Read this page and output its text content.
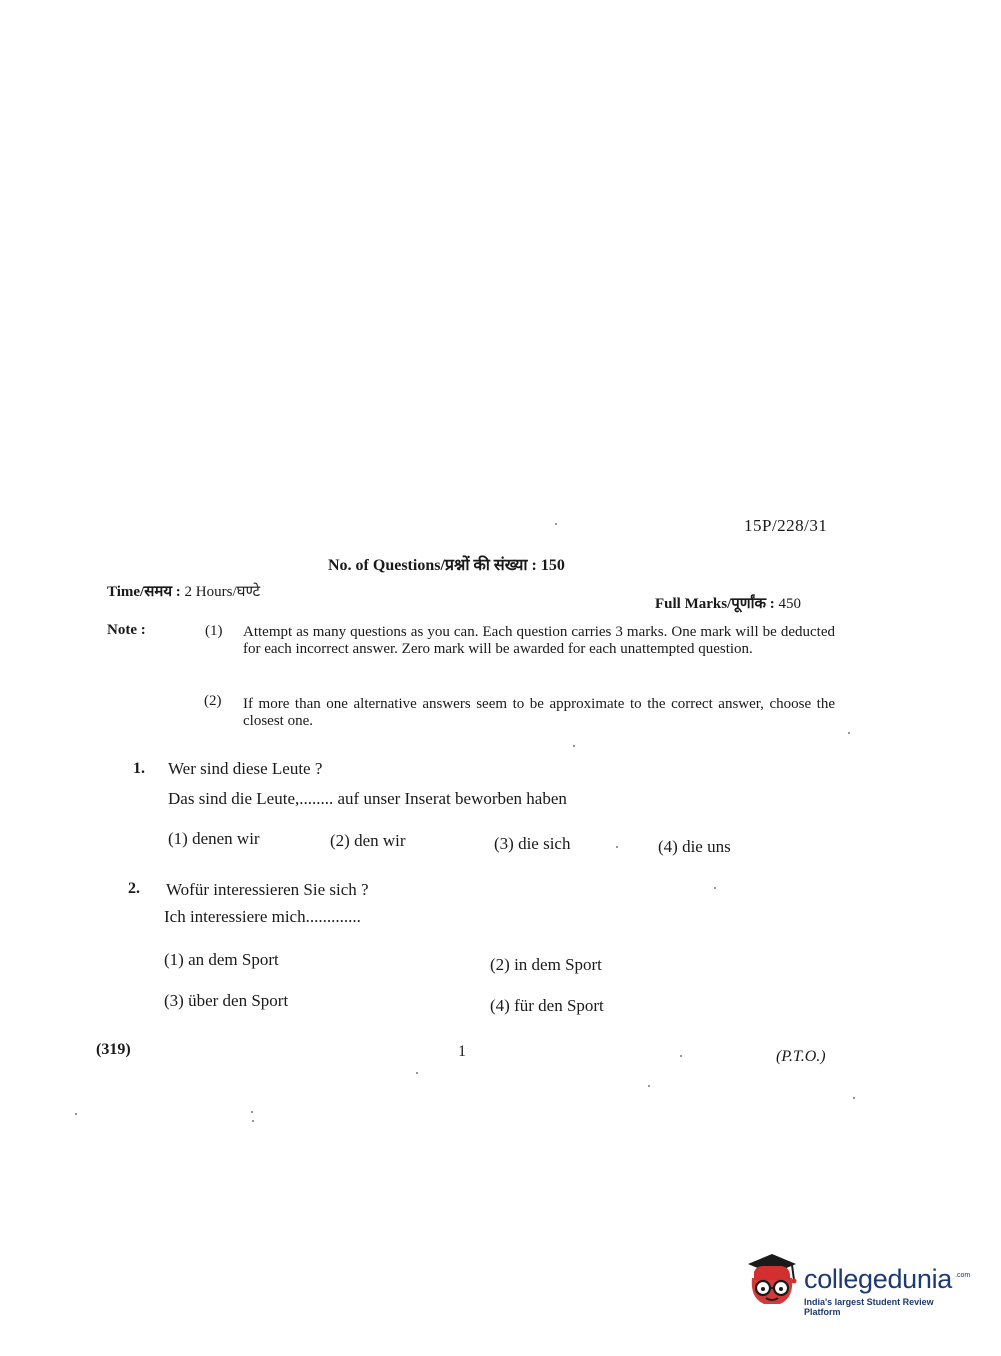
15P/228/31
No. of Questions/प्रश्नों की संख्या : 150
Time/समय : 2 Hours/घण्टे
Full Marks/पूर्णांक : 450
Note :	(1) Attempt as many questions as you can. Each question carries 3 marks. One mark will be deducted for each incorrect answer. Zero mark will be awarded for each unattempted question.
(2) If more than one alternative answers seem to be approximate to the correct answer, choose the closest one.
1. Wer sind diese Leute ?
Das sind die Leute,........ auf unser Inserat beworben haben
(1) denen wir	(2) den wir	(3) die sich	(4) die uns
2. Wofür interessieren Sie sich ?
Ich interessiere mich.............
(1) an dem Sport	(2) in dem Sport
(3) über den Sport	(4) für den Sport
(319)	1	(P.T.O.)
collegedunia .com
India's largest Student Review Platform
